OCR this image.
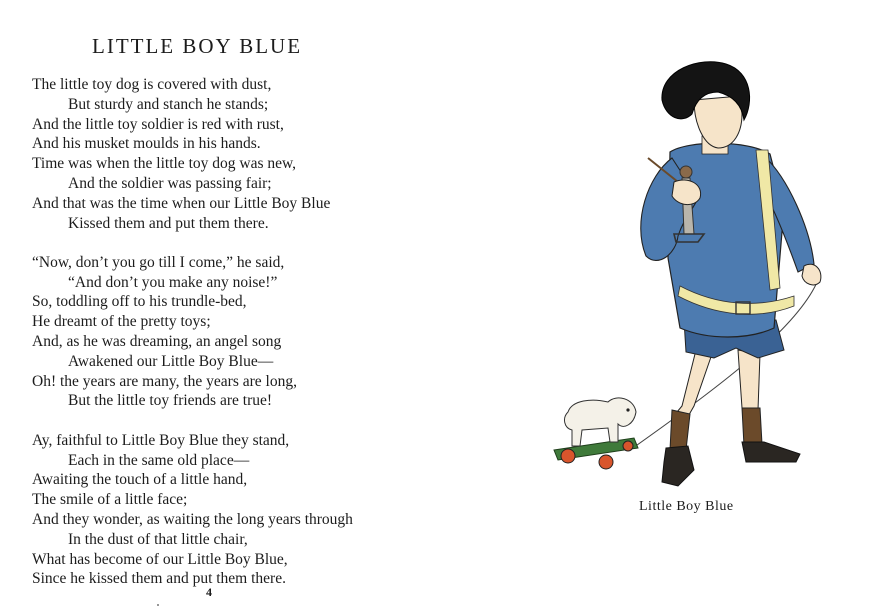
LITTLE BOY BLUE
The little toy dog is covered with dust,
But sturdy and stanch he stands;
And the little toy soldier is red with rust,
And his musket moulds in his hands.
Time was when the little toy dog was new,
And the soldier was passing fair;
And that was the time when our Little Boy Blue
Kissed them and put them there.
“Now, don’t you go till I come,” he said,
“And don’t you make any noise!”
So, toddling off to his trundle-bed,
He dreamt of the pretty toys;
And, as he was dreaming, an angel song
Awakened our Little Boy Blue—
Oh! the years are many, the years are long,
But the little toy friends are true!
Ay, faithful to Little Boy Blue they stand,
Each in the same old place—
Awaiting the touch of a little hand,
The smile of a little face;
And they wonder, as waiting the long years through
In the dust of that little chair,
What has become of our Little Boy Blue,
Since he kissed them and put them there.
4
Little Boy Blue
